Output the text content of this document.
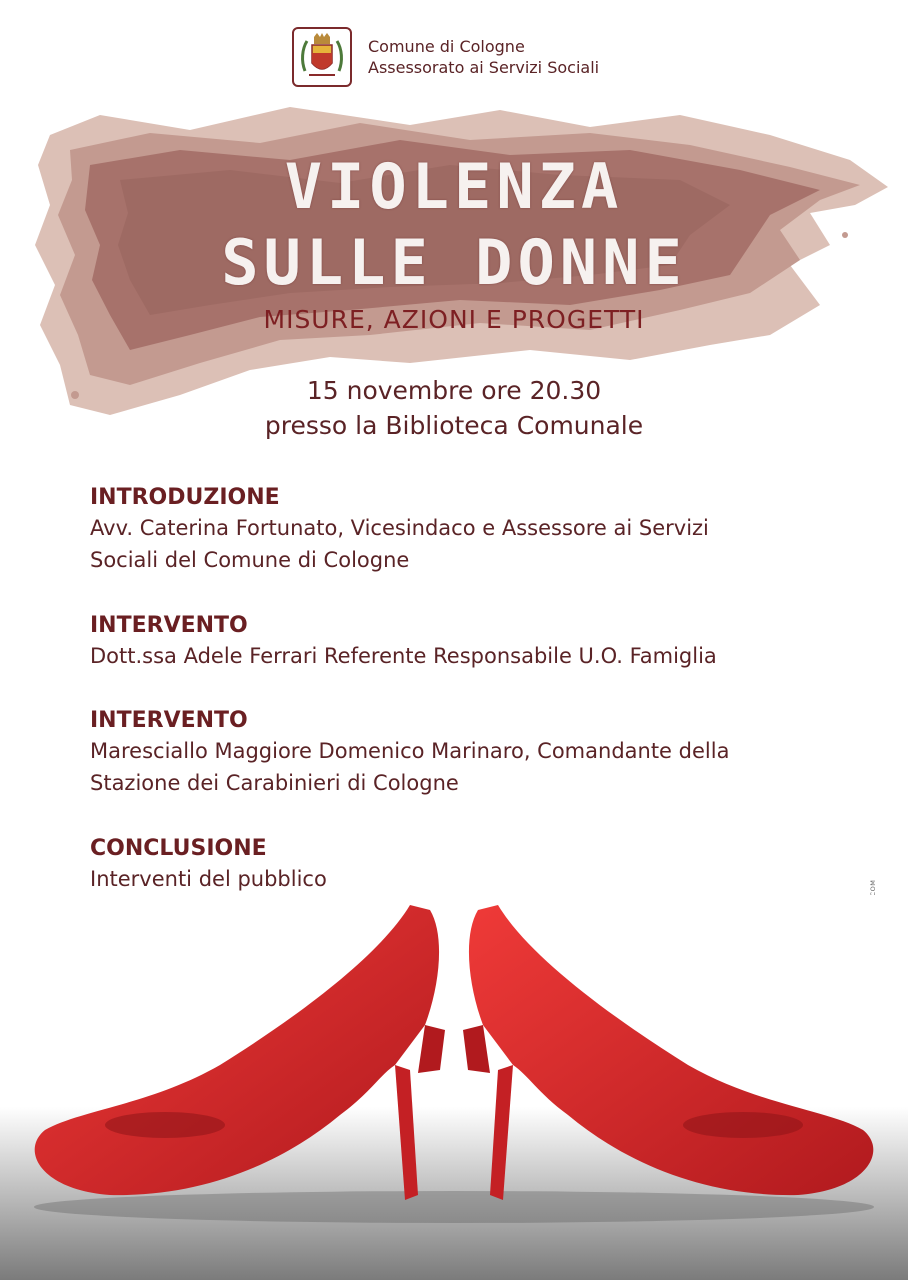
Comune di Cologne
Assessorato ai Servizi Sociali
VIOLENZA
SULLE DONNE
MISURE, AZIONI E PROGETTI
15 novembre ore 20.30
presso la Biblioteca Comunale
INTRODUZIONE
Avv. Caterina Fortunato, Vicesindaco e Assessore ai Servizi
Sociali del Comune di Cologne
INTERVENTO
Dott.ssa Adele Ferrari Referente Responsabile U.O. Famiglia
INTERVENTO
Maresciallo Maggiore Domenico Marinaro, Comandante della
Stazione dei Carabinieri di Cologne
CONCLUSIONE
Interventi del pubblico
